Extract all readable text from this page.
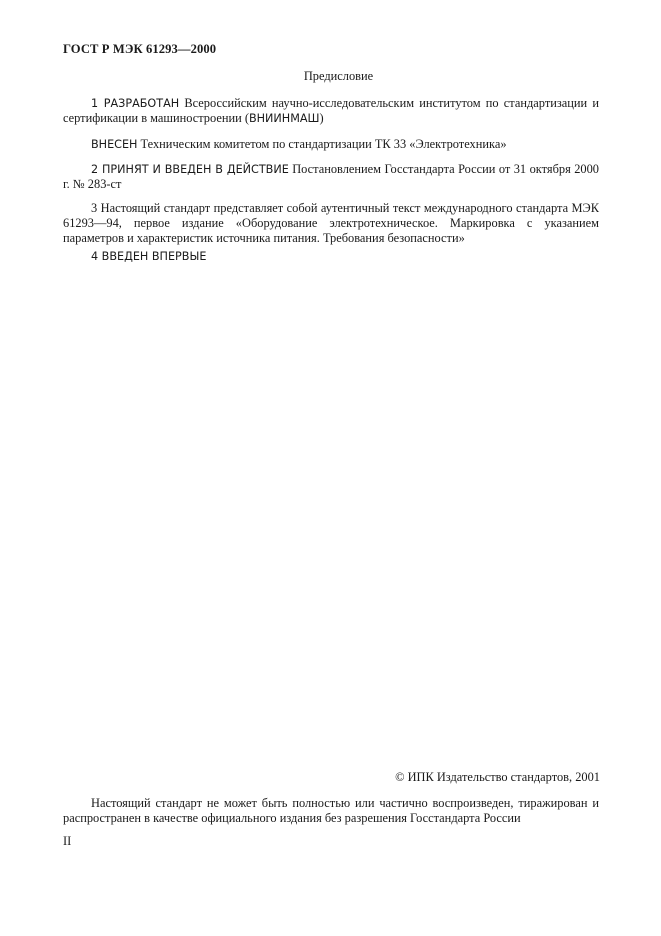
ГОСТ Р МЭК 61293—2000
Предисловие
1 РАЗРАБОТАН Всероссийским научно-исследовательским институтом по стандартизации и сертификации в машиностроении (ВНИИНМАШ)
ВНЕСЕН Техническим комитетом по стандартизации ТК 33 «Электротехника»
2 ПРИНЯТ И ВВЕДЕН В ДЕЙСТВИЕ Постановлением Госстандарта России от 31 октября 2000 г. № 283-ст
3 Настоящий стандарт представляет собой аутентичный текст международного стандарта МЭК 61293—94, первое издание «Оборудование электротехническое. Маркировка с указанием параметров и характеристик источника питания. Требования безопасности»
4 ВВЕДЕН ВПЕРВЫЕ
© ИПК Издательство стандартов, 2001
Настоящий стандарт не может быть полностью или частично воспроизведен, тиражирован и распространен в качестве официального издания без разрешения Госстандарта России
II
